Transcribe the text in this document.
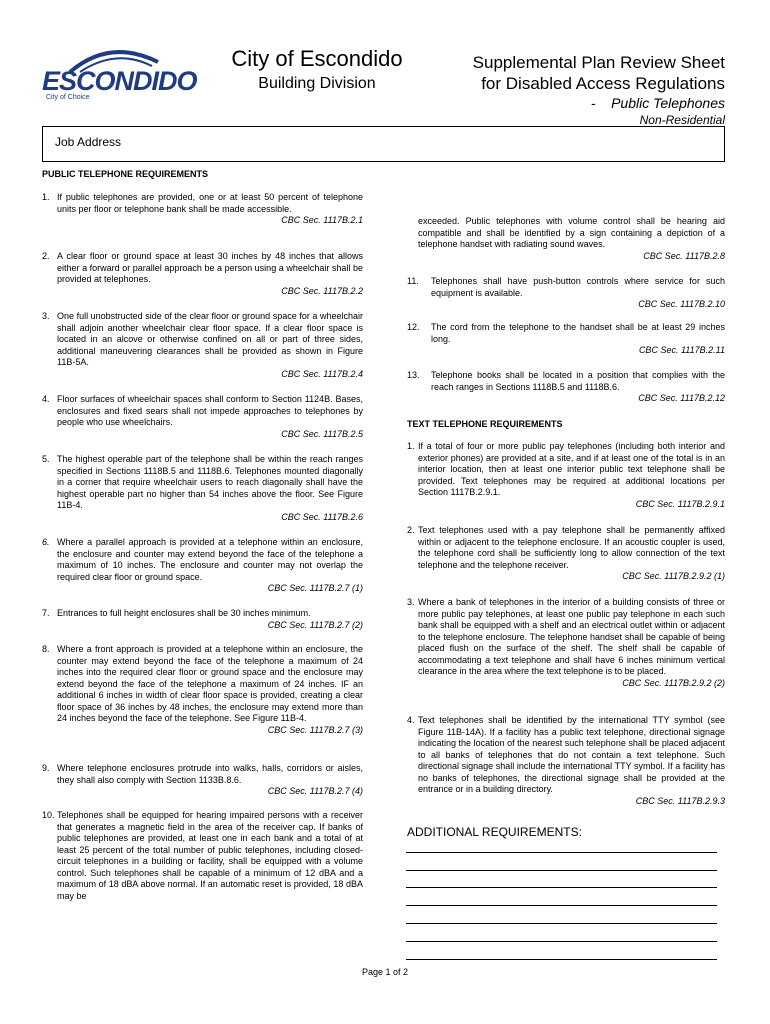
ESCONDIDO
City of Choice
City of Escondido
Building Division
Supplemental Plan Review Sheet
for Disabled Access Regulations
-    Public Telephones
Non-Residential
Job Address
PUBLIC TELEPHONE REQUIREMENTS
1. If public telephones are provided, one or at least 50 percent of telephone units per floor or telephone bank shall be made accessible.

CBC Sec. 1117B.2.1
2. A clear floor or ground space at least 30 inches by 48 inches that allows either a forward or parallel approach be a person using a wheelchair shall be provided at telephones.

CBC Sec. 1117B.2.2
3. One full unobstructed side of the clear floor or ground space for a wheelchair shall adjoin another wheelchair clear floor space. If a clear floor space is located in an alcove or otherwise confined on all or part of three sides, additional maneuvering clearances shall be provided as shown in Figure 11B-5A.

CBC Sec. 1117B.2.4
4. Floor surfaces of wheelchair spaces shall conform to Section 1124B. Bases, enclosures and fixed sears shall not impede approaches to telephones by people who use wheelchairs.

CBC Sec. 1117B.2.5
5. The highest operable part of the telephone shall be within the reach ranges specified in Sections 1118B.5 and 1118B.6. Telephones mounted diagonally in a corner that require wheelchair users to reach diagonally shall have the highest operable part no higher than 54 inches above the floor. See Figure 11B-4.

CBC Sec. 1117B.2.6
6. Where a parallel approach is provided at a telephone within an enclosure, the enclosure and counter may extend beyond the face of the telephone a maximum of 10 inches. The enclosure and counter may not overlap the required clear floor or ground space.

CBC Sec. 1117B.2.7 (1)
7. Entrances to full height enclosures shall be 30 inches minimum.

CBC Sec. 1117B.2.7 (2)
8. Where a front approach is provided at a telephone within an enclosure, the counter may extend beyond the face of the telephone a maximum of 24 inches into the required clear floor or ground space and the enclosure may extend beyond the face of the telephone a maximum of 24 inches. IF an additional 6 inches in width of clear floor space is provided, creating a clear floor space of 36 inches by 48 inches, the enclosure may extend more than 24 inches beyond the face of the telephone. See Figure 11B-4.

CBC Sec. 1117B.2.7 (3)
9. Where telephone enclosures protrude into walks, halls, corridors or aisles, they shall also comply with Section 1133B.8.6.

CBC Sec. 1117B.2.7 (4)
10. Telephones shall be equipped for hearing impaired persons with a receiver that generates a magnetic field in the area of the receiver cap. If banks of public telephones are provided, at least one in each bank and a total of at least 25 percent of the total number of public telephones, including closed-circuit telephones in a building or facility, shall be equipped with a volume control. Such telephones shall be capable of a minimum of 12 dBA and a maximum of 18 dBA above normal. If an automatic reset is provided, 18 dBA may be

exceeded. Public telephones with volume control shall be hearing aid compatible and shall be identified by a sign containing a depiction of a telephone handset with radiating sound waves.

CBC Sec. 1117B.2.8
11. Telephones shall have push-button controls where service for such equipment is available.

CBC Sec. 1117B.2.10
12. The cord from the telephone to the handset shall be at least 29 inches long.

CBC Sec. 1117B.2.11
13. Telephone books shall be located in a position that complies with the reach ranges in Sections 1118B.5 and 1118B.6.

CBC Sec. 1117B.2.12
TEXT TELEPHONE REQUIREMENTS
1. If a total of four or more public pay telephones (including both interior and exterior phones) are provided at a site, and if at least one of the total is in an interior location, then at least one interior public text telephone shall be provided. Text telephones may be required at additional locations per Section 1117B.2.9.1.

CBC Sec. 1117B.2.9.1
2. Text telephones used with a pay telephone shall be permanently affixed within or adjacent to the telephone enclosure. If an acoustic coupler is used, the telephone cord shall be sufficiently long to allow connection of the text telephone and the telephone receiver.

CBC Sec. 1117B.2.9.2 (1)
3. Where a bank of telephones in the interior of a building consists of three or more public pay telephones, at least one public pay telephone in each such bank shall be equipped with a shelf and an electrical outlet within or adjacent to the telephone enclosure. The telephone handset shall be capable of being placed flush on the surface of the shelf. The shelf shall be capable of accommodating a text telephone and shall have 6 inches minimum vertical clearance in the area where the text telephone is to be placed.

CBC Sec. 1117B.2.9.2 (2)
4. Text telephones shall be identified by the international TTY symbol (see Figure 11B-14A). If a facility has a public text telephone, directional signage indicating the location of the nearest such telephone shall be placed adjacent to all banks of telephones that do not contain a text telephone. Such directional signage shall include the international TTY symbol. If a facility has no banks of telephones, the directional signage shall be provided at the entrance or in a building directory.

CBC Sec. 1117B.2.9.3
ADDITIONAL REQUIREMENTS:
Page 1 of 2
